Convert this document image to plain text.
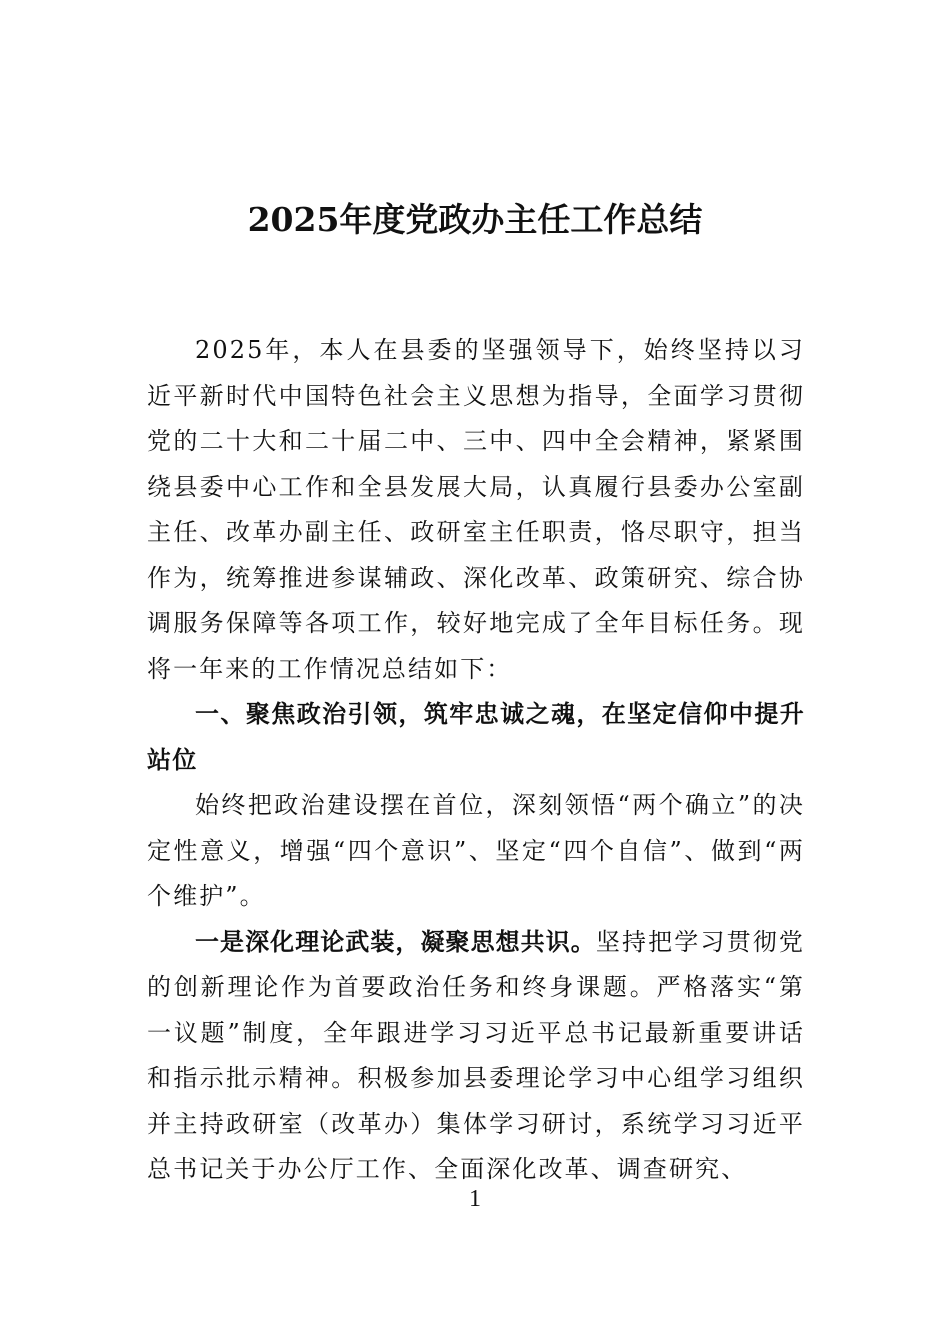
2025年度党政办主任工作总结

2025年，本人在县委的坚强领导下，始终坚持以习近平新时代中国特色社会主义思想为指导，全面学习贯彻党的二十大和二十届二中、三中、四中全会精神，紧紧围绕县委中心工作和全县发展大局，认真履行县委办公室副主任、改革办副主任、政研室主任职责，恪尽职守，担当作为，统筹推进参谋辅政、深化改革、政策研究、综合协调服务保障等各项工作，较好地完成了全年目标任务。现将一年来的工作情况总结如下：

一、聚焦政治引领，筑牢忠诚之魂，在坚定信仰中提升站位

始终把政治建设摆在首位，深刻领悟“两个确立”的决定性意义，增强“四个意识”、坚定“四个自信”、做到“两个维护”。

一是深化理论武装，凝聚思想共识。坚持把学习贯彻党的创新理论作为首要政治任务和终身课题。严格落实“第一议题”制度，全年跟进学习习近平总书记最新重要讲话和指示批示精神。积极参加县委理论学习中心组学习组织并主持政研室（改革办）集体学习研讨，系统学习习近平总书记关于办公厅工作、全面深化改革、调查研究、

1
